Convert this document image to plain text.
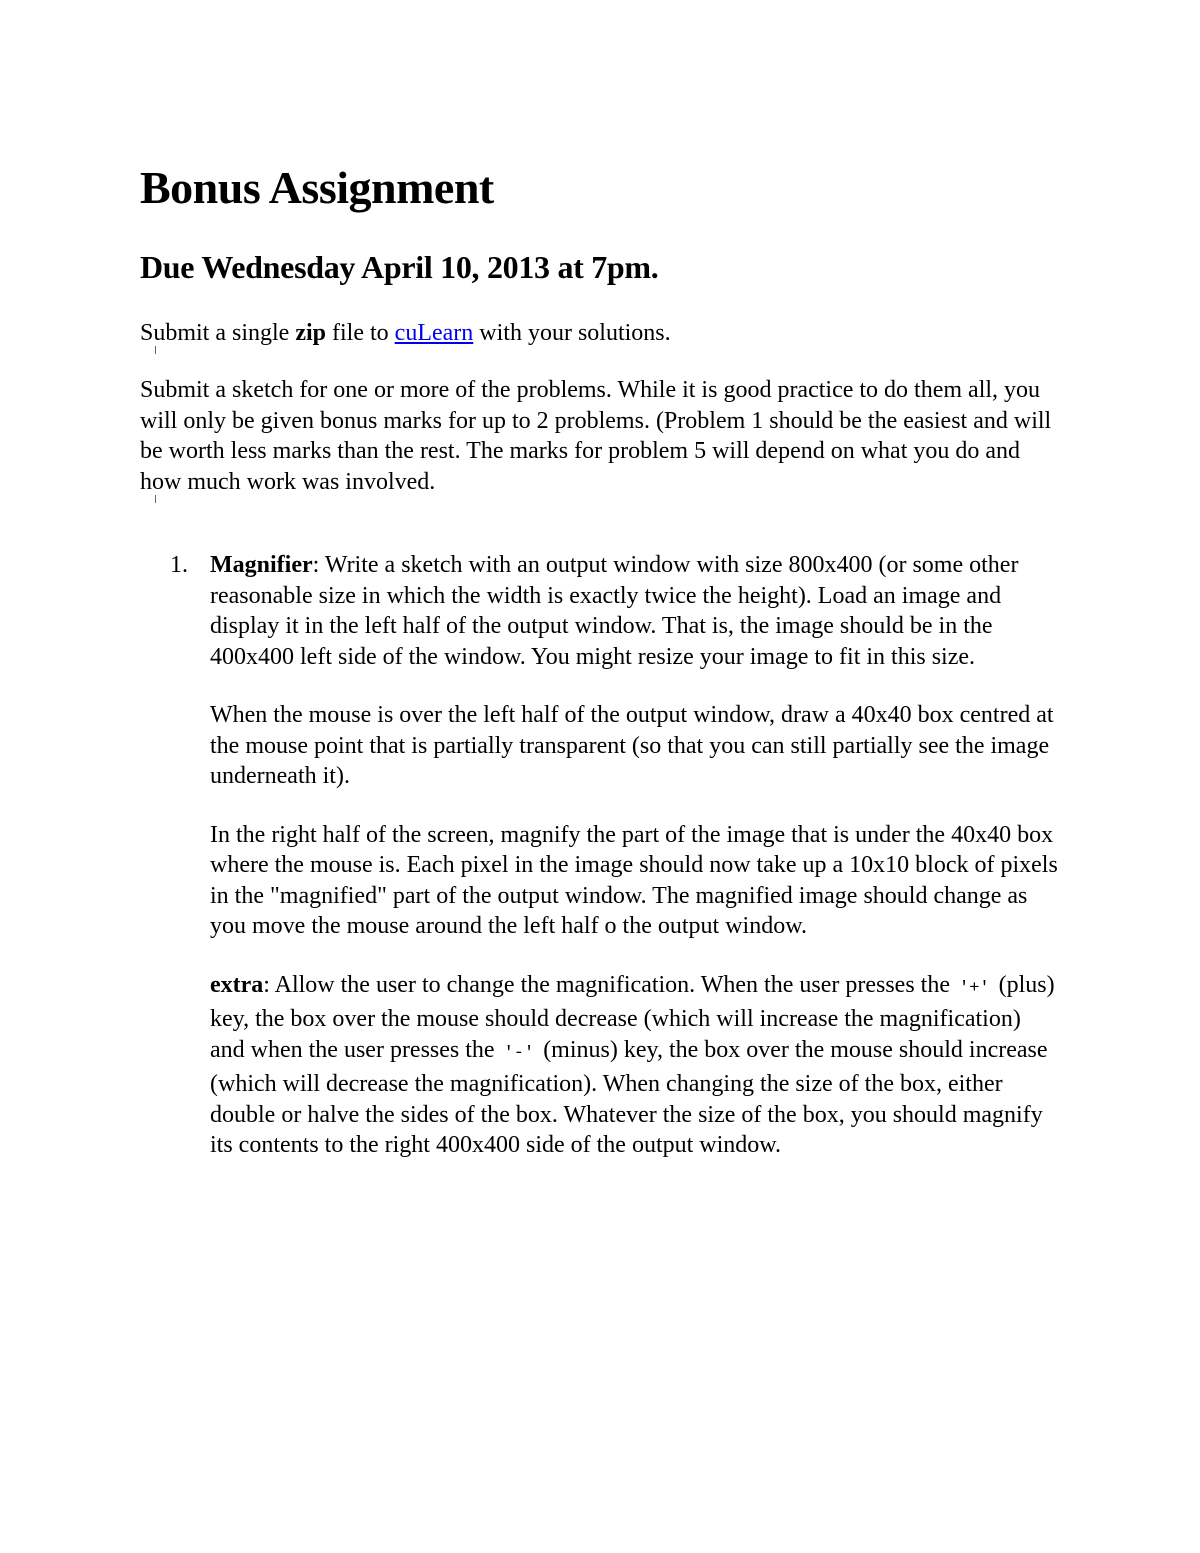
Bonus Assignment
Due Wednesday April 10, 2013 at 7pm.

Submit a single zip file to cuLearn with your solutions.

Submit a sketch for one or more of the problems. While it is good practice to do them all, you will only be given bonus marks for up to 2 problems. (Problem 1 should be the easiest and will be worth less marks than the rest. The marks for problem 5 will depend on what you do and how much work was involved.

1. Magnifier: Write a sketch with an output window with size 800x400 (or some other reasonable size in which the width is exactly twice the height). Load an image and display it in the left half of the output window. That is, the image should be in the 400x400 left side of the window. You might resize your image to fit in this size.

When the mouse is over the left half of the output window, draw a 40x40 box centred at the mouse point that is partially transparent (so that you can still partially see the image underneath it).

In the right half of the screen, magnify the part of the image that is under the 40x40 box where the mouse is. Each pixel in the image should now take up a 10x10 block of pixels in the "magnified" part of the output window. The magnified image should change as you move the mouse around the left half o the output window.

extra: Allow the user to change the magnification. When the user presses the '+' (plus) key, the box over the mouse should decrease (which will increase the magnification) and when the user presses the '-' (minus) key, the box over the mouse should increase (which will decrease the magnification). When changing the size of the box, either double or halve the sides of the box. Whatever the size of the box, you should magnify its contents to the right 400x400 side of the output window.
